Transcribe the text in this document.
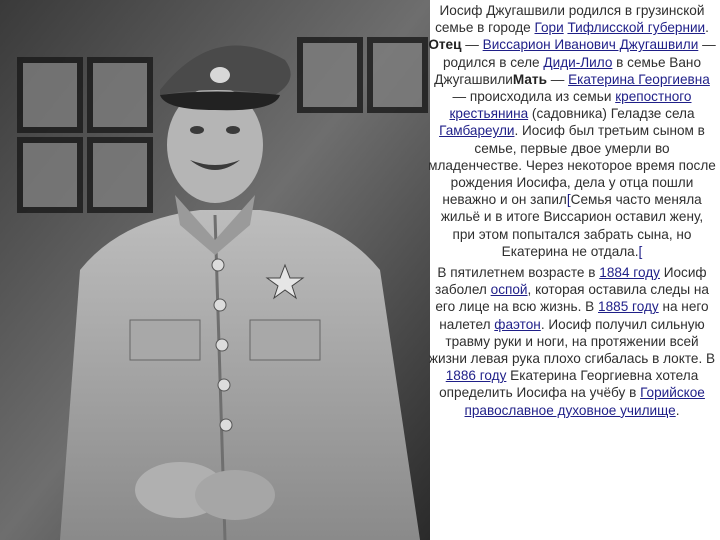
Иосиф Джугашвили родился в грузинской семье в городе Гори Тифлисской губернии. Отец — Виссарион Иванович Джугашвили — родился в селе Диди-Лило в семье Вано ДжугашвилиМать — Екатерина Георгиевна — происходила из семьи крепостного крестьянина (садовника) Геладзе села Гамбареули. Иосиф был третьим сыном в семье, первые двое умерли во младенчестве. Через некоторое время после рождения Иосифа, дела у отца пошли неважно и он запил[Семья часто меняла жильё и в итоге Виссарион оставил жену, при этом попытался забрать сына, но Екатерина не отдала.[

В пятилетнем возрасте в 1884 году Иосиф заболел оспой, которая оставила следы на его лице на всю жизнь. В 1885 году на него налетел фаэтон. Иосиф получил сильную травму руки и ноги, на протяжении всей жизни левая рука плохо сгибалась в локте. В 1886 году Екатерина Георгиевна хотела определить Иосифа на учёбу в Горийское православное духовное училище.
